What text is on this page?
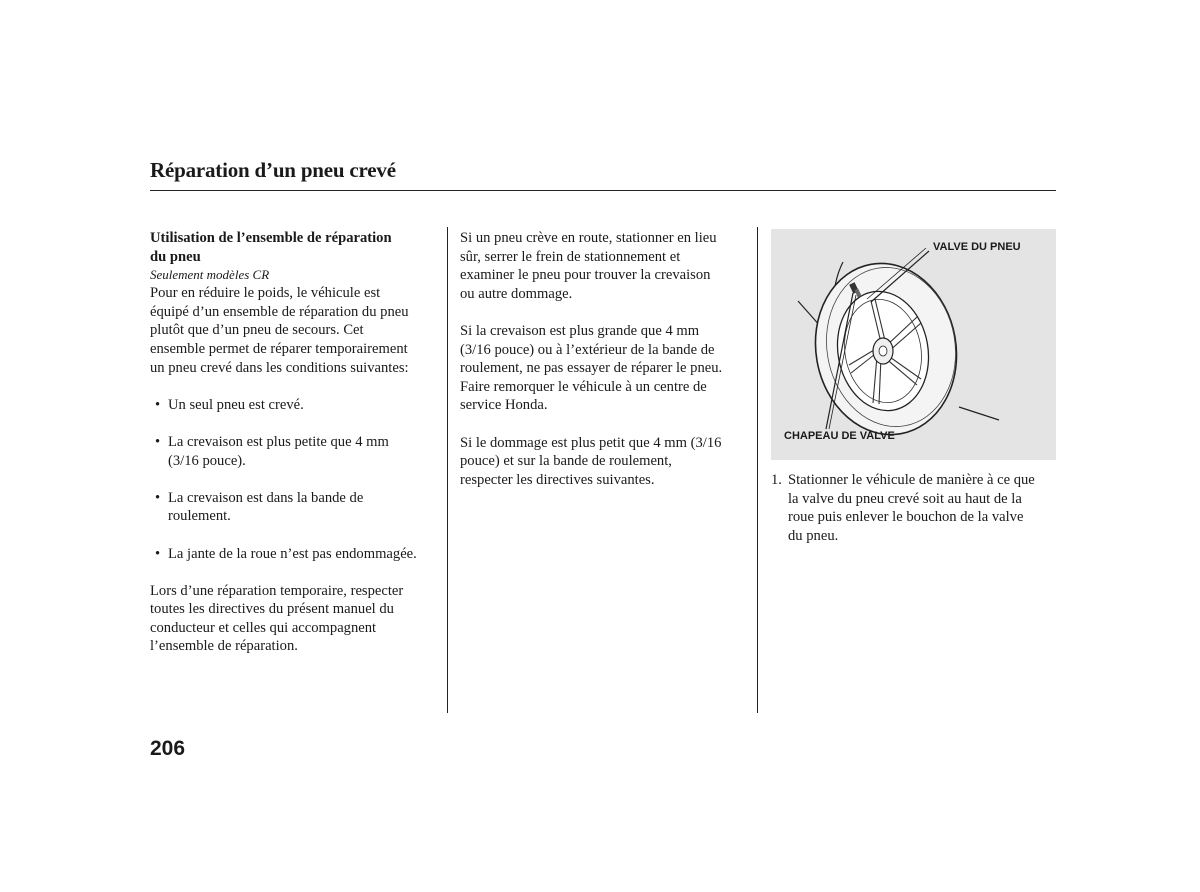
Réparation d’un pneu crevé

Utilisation de l’ensemble de réparation
du pneu

Seulement modèles CR

Pour en réduire le poids, le véhicule est
équipé d’un ensemble de réparation du pneu
plutôt que d’un pneu de secours. Cet
ensemble permet de réparer temporairement
un pneu crevé dans les conditions suivantes:

• Un seul pneu est crevé.

• La crevaison est plus petite que 4 mm
(3/16 pouce).

• La crevaison est dans la bande de
roulement.

• La jante de la roue n’est pas endommagée.

Lors d’une réparation temporaire, respecter
toutes les directives du présent manuel du
conducteur et celles qui accompagnent
l’ensemble de réparation.

Si un pneu crève en route, stationner en lieu
sûr, serrer le frein de stationnement et
examiner le pneu pour trouver la crevaison
ou autre dommage.

Si la crevaison est plus grande que 4 mm
(3/16 pouce) ou à l’extérieur de la bande de
roulement, ne pas essayer de réparer le pneu.
Faire remorquer le véhicule à un centre de
service Honda.

Si le dommage est plus petit que 4 mm (3/16
pouce) et sur la bande de roulement,
respecter les directives suivantes.

VALVE DU PNEU
CHAPEAU DE VALVE

1. Stationner le véhicule de manière à ce que
la valve du pneu crevé soit au haut de la
roue puis enlever le bouchon de la valve
du pneu.

206
